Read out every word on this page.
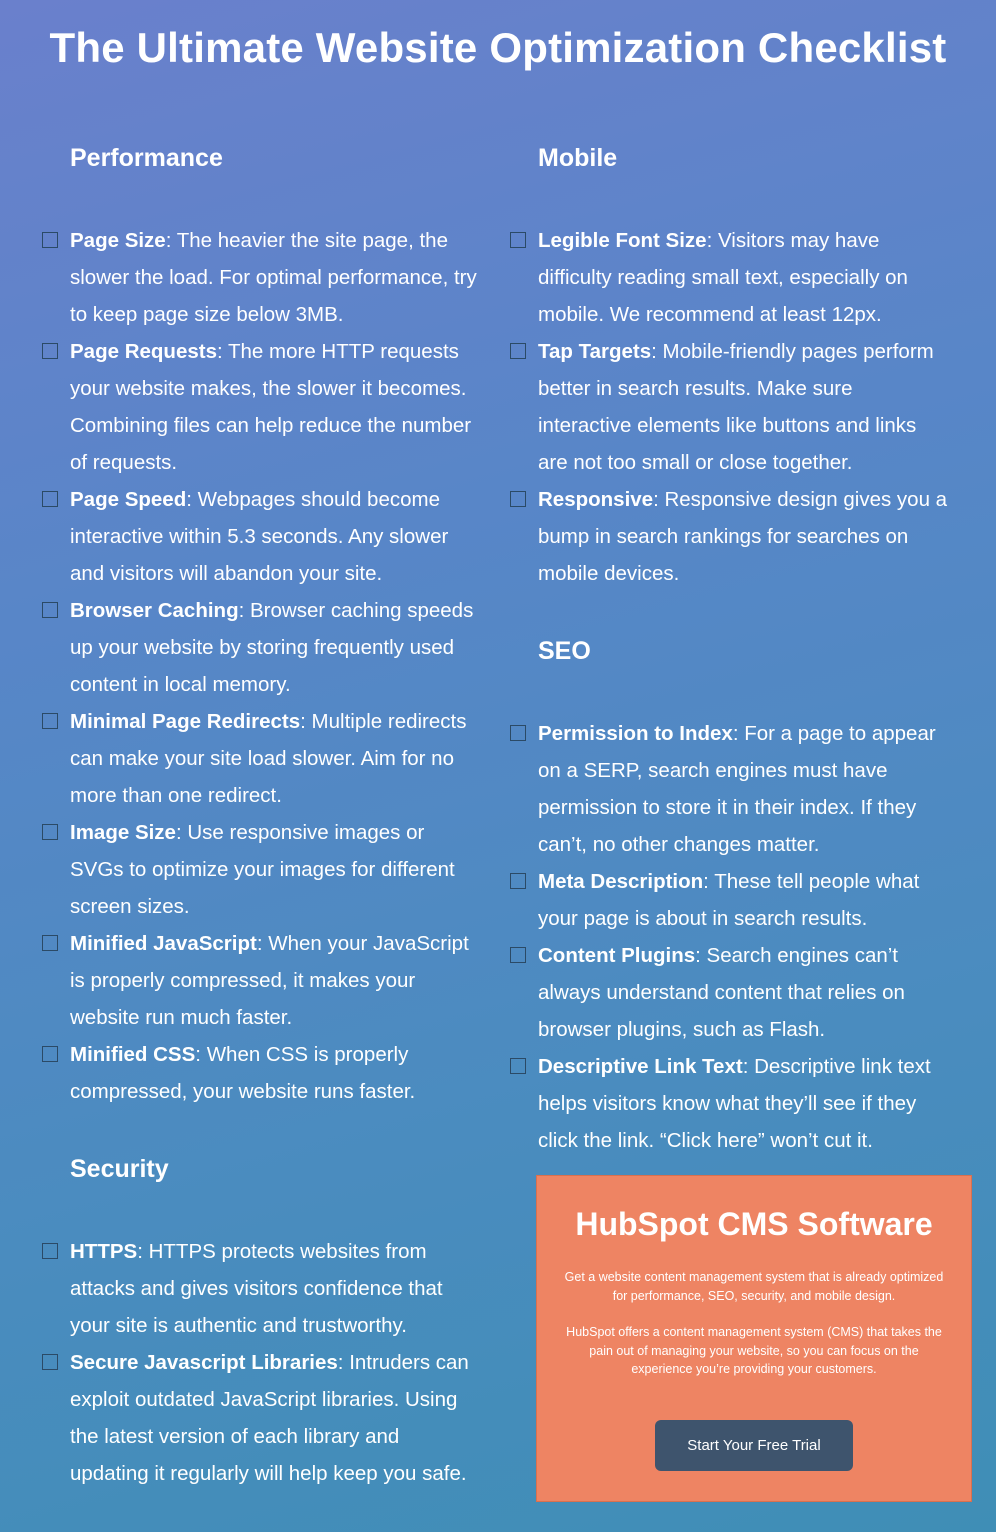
The Ultimate Website Optimization Checklist
Performance

Page Size: The heavier the site page, the slower the load. For optimal performance, try to keep page size below 3MB.

Page Requests: The more HTTP requests your website makes, the slower it becomes. Combining files can help reduce the number of requests.

Page Speed: Webpages should become interactive within 5.3 seconds. Any slower and visitors will abandon your site.

Browser Caching: Browser caching speeds up your website by storing frequently used content in local memory.

Minimal Page Redirects: Multiple redirects can make your site load slower. Aim for no more than one redirect.

Image Size: Use responsive images or SVGs to optimize your images for different screen sizes.

Minified JavaScript: When your JavaScript is properly compressed, it makes your website run much faster.

Minified CSS: When CSS is properly compressed, your website runs faster.

Security

HTTPS: HTTPS protects websites from attacks and gives visitors confidence that your site is authentic and trustworthy.

Secure Javascript Libraries: Intruders can exploit outdated JavaScript libraries. Using the latest version of each library and updating it regularly will help keep you safe.

Mobile

Legible Font Size: Visitors may have difficulty reading small text, especially on mobile. We recommend at least 12px.

Tap Targets: Mobile-friendly pages perform better in search results. Make sure interactive elements like buttons and links are not too small or close together.

Responsive: Responsive design gives you a bump in search rankings for searches on mobile devices.

SEO

Permission to Index: For a page to appear on a SERP, search engines must have permission to store it in their index. If they can’t, no other changes matter.

Meta Description: These tell people what your page is about in search results.

Content Plugins: Search engines can’t always understand content that relies on browser plugins, such as Flash.

Descriptive Link Text: Descriptive link text helps visitors know what they’ll see if they click the link. “Click here” won’t cut it.

HubSpot CMS Software

Get a website content management system that is already optimized for performance, SEO, security, and mobile design.

HubSpot offers a content management system (CMS) that takes the pain out of managing your website, so you can focus on the experience you’re providing your customers.

Start Your Free Trial
